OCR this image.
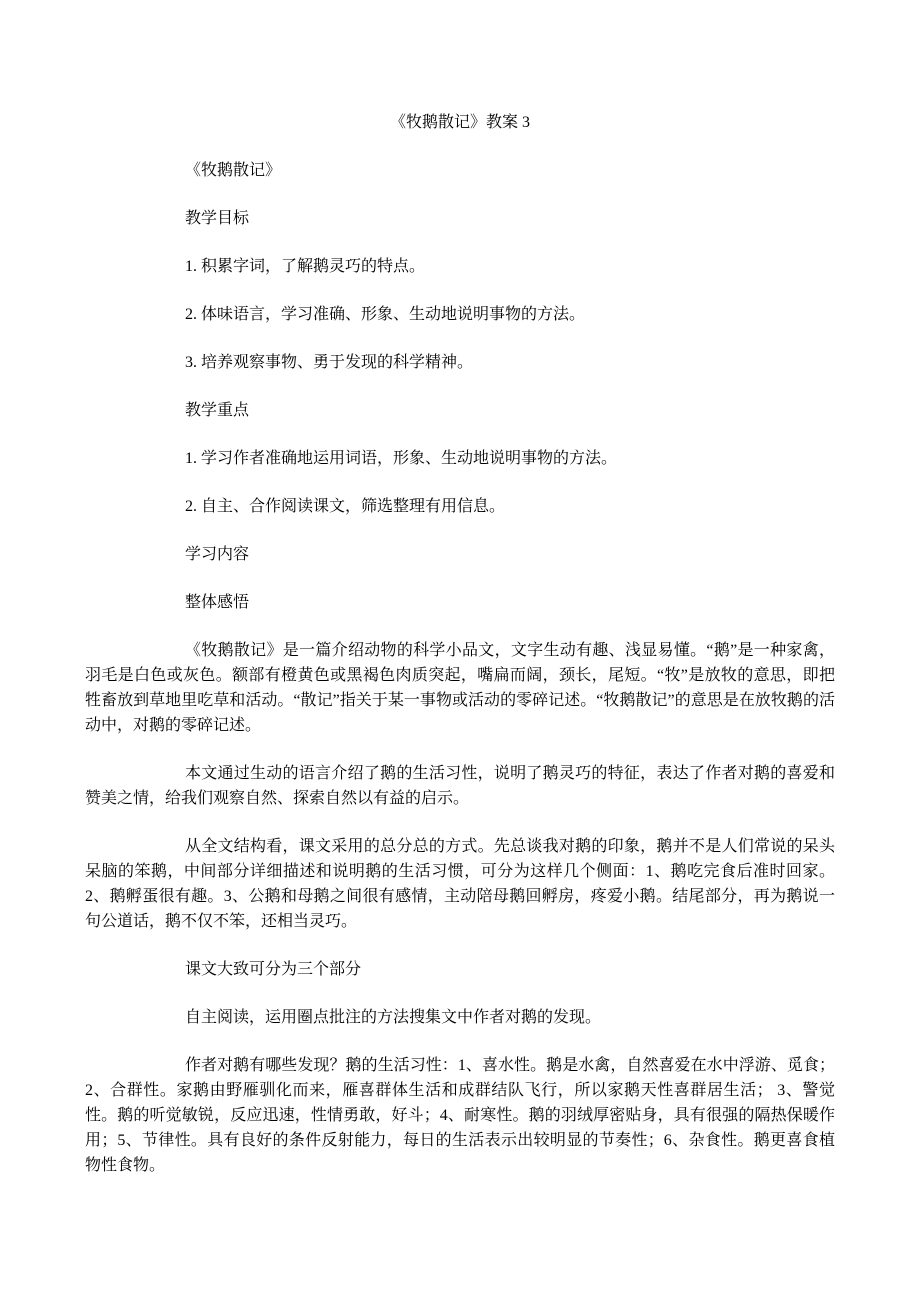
《牧鹅散记》教案 3

《牧鹅散记》

教学目标

1. 积累字词，了解鹅灵巧的特点。

2. 体味语言，学习准确、形象、生动地说明事物的方法。

3. 培养观察事物、勇于发现的科学精神。

教学重点

1. 学习作者准确地运用词语，形象、生动地说明事物的方法。

2. 自主、合作阅读课文，筛选整理有用信息。

学习内容

整体感悟

《牧鹅散记》是一篇介绍动物的科学小品文，文字生动有趣、浅显易懂。“鹅”是一种家禽，羽毛是白色或灰色。额部有橙黄色或黑褐色肉质突起，嘴扁而阔，颈长，尾短。“牧”是放牧的意思，即把牲畜放到草地里吃草和活动。“散记”指关于某一事物或活动的零碎记述。“牧鹅散记”的意思是在放牧鹅的活动中，对鹅的零碎记述。

本文通过生动的语言介绍了鹅的生活习性，说明了鹅灵巧的特征，表达了作者对鹅的喜爱和赞美之情，给我们观察自然、探索自然以有益的启示。

从全文结构看，课文采用的总分总的方式。先总谈我对鹅的印象，鹅并不是人们常说的呆头呆脑的笨鹅，中间部分详细描述和说明鹅的生活习惯，可分为这样几个侧面：1、鹅吃完食后准时回家。2、鹅孵蛋很有趣。3、公鹅和母鹅之间很有感情，主动陪母鹅回孵房，疼爱小鹅。结尾部分，再为鹅说一句公道话，鹅不仅不笨，还相当灵巧。

课文大致可分为三个部分

自主阅读，运用圈点批注的方法搜集文中作者对鹅的发现。

作者对鹅有哪些发现？鹅的生活习性：1、喜水性。鹅是水禽，自然喜爱在水中浮游、觅食；2、合群性。家鹅由野雁驯化而来，雁喜群体生活和成群结队飞行，所以家鹅天性喜群居生活； 3、警觉性。鹅的听觉敏锐，反应迅速，性情勇敢，好斗；4、耐寒性。鹅的羽绒厚密贴身，具有很强的隔热保暖作用；5、节律性。具有良好的条件反射能力，每日的生活表示出较明显的节奏性；6、杂食性。鹅更喜食植物性食物。
